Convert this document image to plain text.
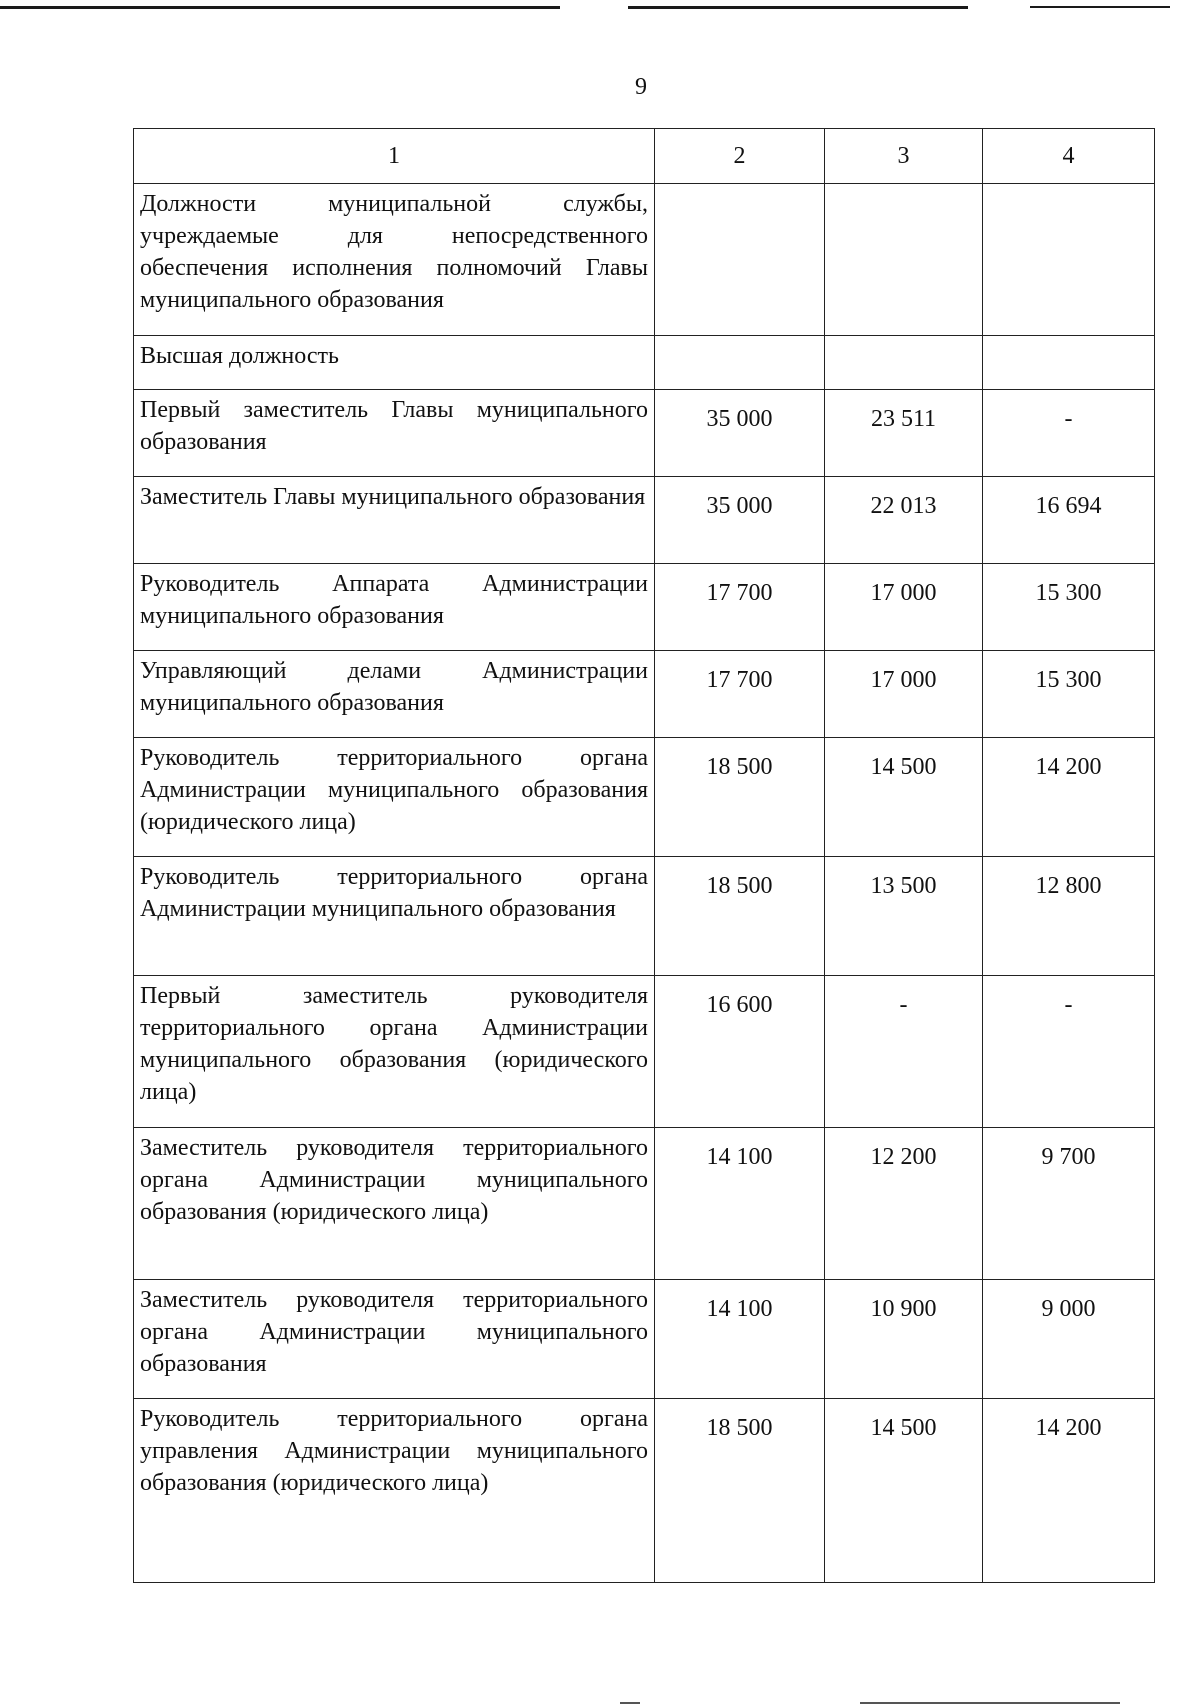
9
1	2	3	4
Должности муниципальной службы, учреждаемые для непосредственного обеспечения исполнения полномочий Главы муниципального образования			
Высшая должность			
Первый заместитель Главы муниципального образования	35 000	23 511	-
Заместитель Главы муниципального образования	35 000	22 013	16 694
Руководитель Аппарата Администрации муниципального образования	17 700	17 000	15 300
Управляющий делами Администрации муниципального образования	17 700	17 000	15 300
Руководитель территориального органа Администрации муниципального образования (юридического лица)	18 500	14 500	14 200
Руководитель территориального органа Администрации муниципального образования	18 500	13 500	12 800
Первый заместитель руководителя территориального органа Администрации муниципального образования (юридического лица)	16 600	-	-
Заместитель руководителя территориального органа Администрации муниципального образования (юридического лица)	14 100	12 200	9 700
Заместитель руководителя территориального органа Администрации муниципального образования	14 100	10 900	9 000
Руководитель территориального органа управления Администрации муниципального образования (юридического лица)	18 500	14 500	14 200
